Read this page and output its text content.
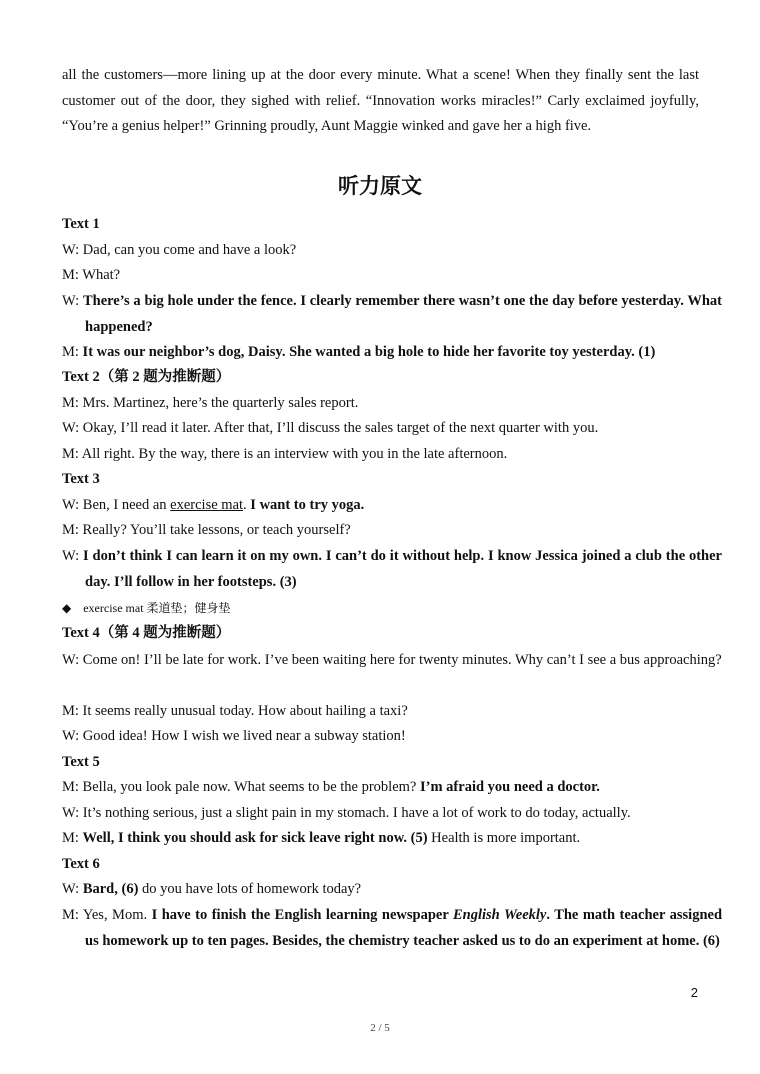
all the customers—more lining up at the door every minute. What a scene! When they finally sent the last customer out of the door, they sighed with relief. “Innovation works miracles!” Carly exclaimed joyfully, “You’re a genius helper!” Grinning proudly, Aunt Maggie winked and gave her a high five.
听力原文
Text 1
W: Dad, can you come and have a look?
M: What?
W: There’s a big hole under the fence. I clearly remember there wasn’t one the day before yesterday. What happened?
M: It was our neighbor’s dog, Daisy. She wanted a big hole to hide her favorite toy yesterday. (1)
Text 2（第 2 题为推断题）
M: Mrs. Martinez, here’s the quarterly sales report.
W: Okay, I’ll read it later. After that, I’ll discuss the sales target of the next quarter with you.
M: All right. By the way, there is an interview with you in the late afternoon.
Text 3
W: Ben, I need an exercise mat. I want to try yoga.
M: Really? You’ll take lessons, or teach yourself?
W: I don’t think I can learn it on my own. I can’t do it without help. I know Jessica joined a club the other day. I’ll follow in her footsteps. (3)
◆ exercise mat 柔道垫；健身垫
Text 4（第 4 题为推断题）
W: Come on! I’ll be late for work. I’ve been waiting here for twenty minutes. Why can’t I see a bus approaching?
M: It seems really unusual today. How about hailing a taxi?
W: Good idea! How I wish we lived near a subway station!
Text 5
M: Bella, you look pale now. What seems to be the problem? I’m afraid you need a doctor.
W: It’s nothing serious, just a slight pain in my stomach. I have a lot of work to do today, actually.
M: Well, I think you should ask for sick leave right now. (5) Health is more important.
Text 6
W: Bard, (6) do you have lots of homework today?
M: Yes, Mom. I have to finish the English learning newspaper English Weekly. The math teacher assigned us homework up to ten pages. Besides, the chemistry teacher asked us to do an experiment at home. (6)
2
2 / 5
